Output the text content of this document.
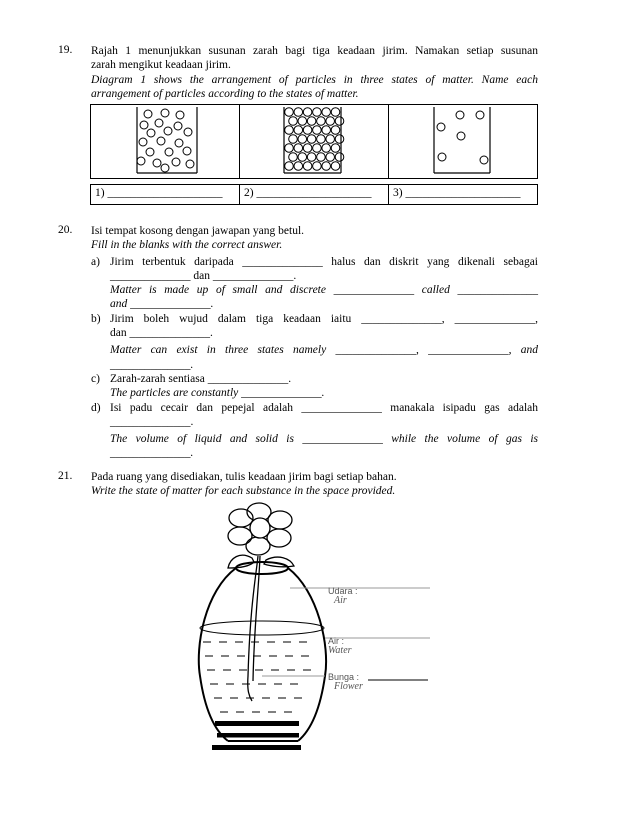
19. Rajah 1 menunjukkan susunan zarah bagi tiga keadaan jirim. Namakan setiap susunan
zarah mengikut keadaan jirim.
Diagram 1 shows the arrangement of particles in three states of matter. Name each
arrangement of particles according to the states of matter.
1) ____________________	2) ____________________	3) ____________________
20. Isi tempat kosong dengan jawapan yang betul.
Fill in the blanks with the correct answer.
a) Jirim terbentuk daripada ______________ halus dan diskrit yang dikenali sebagai
______________ dan ______________.
Matter is made up of small and discrete ______________ called ______________
and ______________.
b) Jirim boleh wujud dalam tiga keadaan iaitu ______________, ______________,
dan ______________.
Matter can exist in three states namely ______________, ______________, and
______________.
c) Zarah-zarah sentiasa ______________.
The particles are constantly ______________.
d) Isi padu cecair dan pepejal adalah ______________ manakala isipadu gas adalah
______________.
The volume of liquid and solid is ______________ while the volume of gas is
______________.
21. Pada ruang yang disediakan, tulis keadaan jirim bagi setiap bahan.
Write the state of matter for each substance in the space provided.
Udara :
Air
Air :
Water
Bunga :
Flower
